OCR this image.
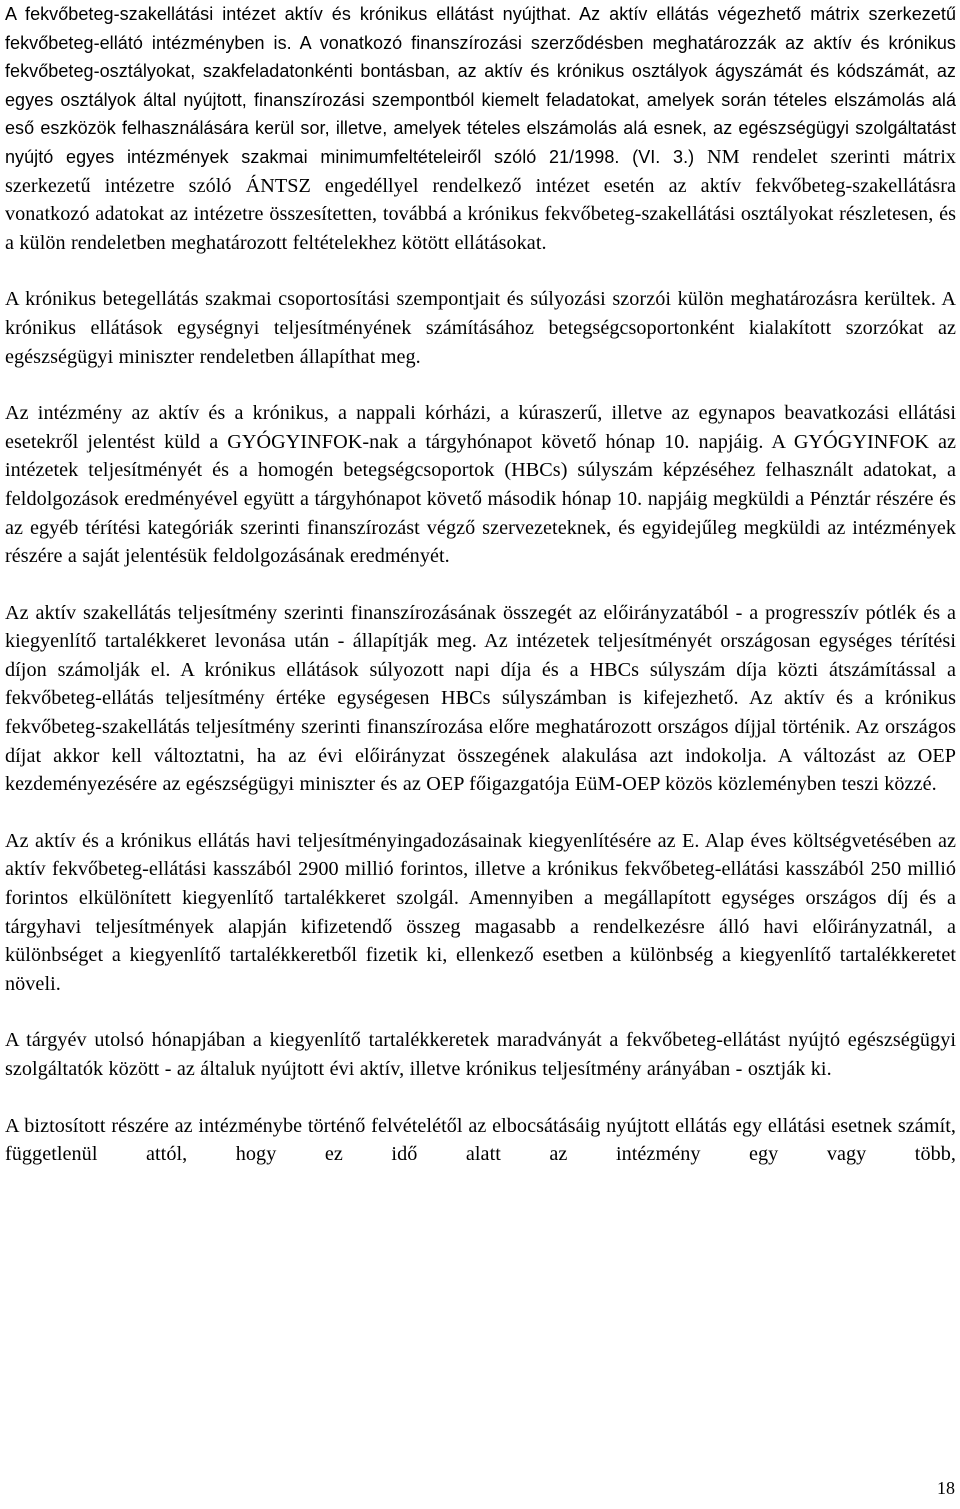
A fekvőbeteg-szakellátási intézet aktív és krónikus ellátást nyújthat. Az aktív ellátás végezhető mátrix szerkezetű fekvőbeteg-ellátó intézményben is. A vonatkozó finanszírozási szerződésben meghatározzák az aktív és krónikus fekvőbeteg-osztályokat, szakfeladatonkénti bontásban, az aktív és krónikus osztályok ágyszámát és kódszámát, az egyes osztályok által nyújtott, finanszírozási szempontból kiemelt feladatokat, amelyek során tételes elszámolás alá eső eszközök felhasználására kerül sor, illetve, amelyek tételes elszámolás alá esnek, az egészségügyi szolgáltatást nyújtó egyes intézmények szakmai minimumfeltételeiről szóló 21/1998. (VI. 3.) NM rendelet szerinti mátrix szerkezetű intézetre szóló ÁNTSZ engedéllyel rendelkező intézet esetén az aktív fekvőbeteg-szakellátásra vonatkozó adatokat az intézetre összesítetten, továbbá a krónikus fekvőbeteg-szakellátási osztályokat részletesen, és a külön rendeletben meghatározott feltételekhez kötött ellátásokat.

A krónikus betegellátás szakmai csoportosítási szempontjait és súlyozási szorzói külön meghatározásra kerültek. A krónikus ellátások egységnyi teljesítményének számításához betegségcsoportonként kialakított szorzókat az egészségügyi miniszter rendeletben állapíthat meg.

Az intézmény az aktív és a krónikus, a nappali kórházi, a kúraszerű, illetve az egynapos beavatkozási ellátási esetekről jelentést küld a GYÓGYINFOK-nak a tárgyhónapot követő hónap 10. napjáig. A GYÓGYINFOK az intézetek teljesítményét és a homogén betegségcsoportok (HBCs) súlyszám képzéséhez felhasznált adatokat, a feldolgozások eredményével együtt a tárgyhónapot követő második hónap 10. napjáig megküldi a Pénztár részére és az egyéb térítési kategóriák szerinti finanszírozást végző szervezeteknek, és egyidejűleg megküldi az intézmények részére a saját jelentésük feldolgozásának eredményét.

Az aktív szakellátás teljesítmény szerinti finanszírozásának összegét az előirányzatából - a progresszív pótlék és a kiegyenlítő tartalékkeret levonása után - állapítják meg. Az intézetek teljesítményét országosan egységes térítési díjon számolják el. A krónikus ellátások súlyozott napi díja és a HBCs súlyszám díja közti átszámítással a fekvőbeteg-ellátás teljesítmény értéke egységesen HBCs súlyszámban is kifejezhető. Az aktív és a krónikus fekvőbeteg-szakellátás teljesítmény szerinti finanszírozása előre meghatározott országos díjjal történik. Az országos díjat akkor kell változtatni, ha az évi előirányzat összegének alakulása azt indokolja. A változást az OEP kezdeményezésére az egészségügyi miniszter és az OEP főigazgatója EüM-OEP közös közleményben teszi közzé.

Az aktív és a krónikus ellátás havi teljesítményingadozásainak kiegyenlítésére az E. Alap éves költségvetésében az aktív fekvőbeteg-ellátási kasszából 2900 millió forintos, illetve a krónikus fekvőbeteg-ellátási kasszából 250 millió forintos elkülönített kiegyenlítő tartalékkeret szolgál. Amennyiben a megállapított egységes országos díj és a tárgyhavi teljesítmények alapján kifizetendő összeg magasabb a rendelkezésre álló havi előirányzatnál, a különbséget a kiegyenlítő tartalékkeretből fizetik ki, ellenkező esetben a különbség a kiegyenlítő tartalékkeretet növeli.

A tárgyév utolsó hónapjában a kiegyenlítő tartalékkeretek maradványát a fekvőbeteg-ellátást nyújtó egészségügyi szolgáltatók között - az általuk nyújtott évi aktív, illetve krónikus teljesítmény arányában - osztják ki.

A biztosított részére az intézménybe történő felvételétől az elbocsátásáig nyújtott ellátás egy ellátási esetnek számít, függetlenül attól, hogy ez idő alatt az intézmény egy vagy több,

18
